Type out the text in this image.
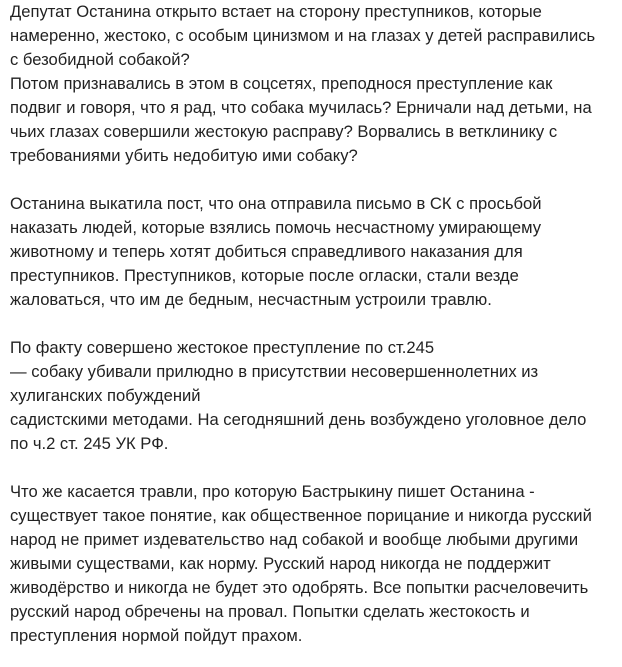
Депутат Останина открыто встает на сторону преступников, которые
намеренно, жестоко, с особым цинизмом и на глазах у детей расправились
с безобидной собакой?
Потом признавались в этом в соцсетях, преподнося преступление как
подвиг и говоря, что я рад, что собака мучилась? Ерничали над детьми, на
чьих глазах совершили жестокую расправу? Ворвались в ветклинику с
требованиями убить недобитую ими собаку?
Останина выкатила пост, что она отправила письмо в СК с просьбой
наказать людей, которые взялись помочь несчастному умирающему
животному и теперь хотят добиться справедливого наказания для
преступников. Преступников, которые после огласки, стали везде
жаловаться, что им де бедным, несчастным устроили травлю.
По факту совершено жестокое преступление по ст.245
— собаку убивали прилюдно в присутствии несовершеннолетних из
хулиганских побуждений
садистскими методами. На сегодняшний день возбуждено уголовное дело
по ч.2 ст. 245 УК РФ.
Что же касается травли, про которую Бастрыкину пишет Останина -
существует такое понятие, как общественное порицание и никогда русский
народ не примет издевательство над собакой и вообще любыми другими
живыми существами, как норму. Русский народ никогда не поддержит
живодёрство и никогда не будет это одобрять. Все попытки расчеловечить
русский народ обречены на провал. Попытки сделать жестокость и
преступления нормой пойдут прахом.
